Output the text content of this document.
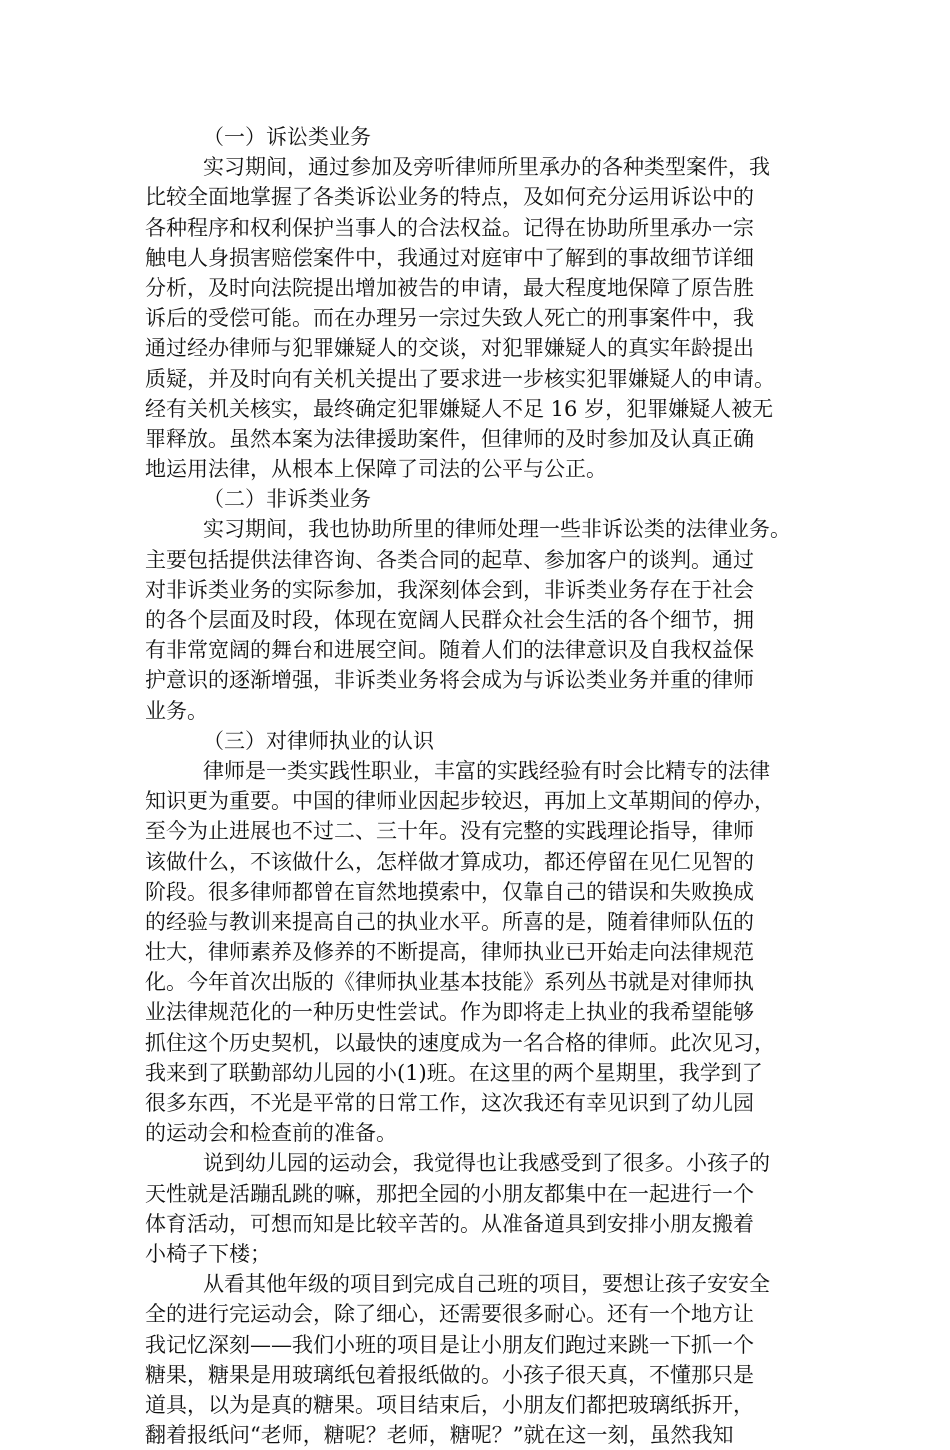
（一）诉讼类业务
实习期间，通过参加及旁听律师所里承办的各种类型案件，我
比较全面地掌握了各类诉讼业务的特点，及如何充分运用诉讼中的
各种程序和权利保护当事人的合法权益。记得在协助所里承办一宗
触电人身损害赔偿案件中，我通过对庭审中了解到的事故细节详细
分析，及时向法院提出增加被告的申请，最大程度地保障了原告胜
诉后的受偿可能。而在办理另一宗过失致人死亡的刑事案件中，我
通过经办律师与犯罪嫌疑人的交谈，对犯罪嫌疑人的真实年龄提出
质疑，并及时向有关机关提出了要求进一步核实犯罪嫌疑人的申请。
经有关机关核实，最终确定犯罪嫌疑人不足 16 岁，犯罪嫌疑人被无
罪释放。虽然本案为法律援助案件，但律师的及时参加及认真正确
地运用法律，从根本上保障了司法的公平与公正。
（二）非诉类业务
实习期间，我也协助所里的律师处理一些非诉讼类的法律业务。
主要包括提供法律咨询、各类合同的起草、参加客户的谈判。通过
对非诉类业务的实际参加，我深刻体会到，非诉类业务存在于社会
的各个层面及时段，体现在宽阔人民群众社会生活的各个细节，拥
有非常宽阔的舞台和进展空间。随着人们的法律意识及自我权益保
护意识的逐渐增强，非诉类业务将会成为与诉讼类业务并重的律师
业务。
（三）对律师执业的认识
律师是一类实践性职业，丰富的实践经验有时会比精专的法律
知识更为重要。中国的律师业因起步较迟，再加上文革期间的停办，
至今为止进展也不过二、三十年。没有完整的实践理论指导，律师
该做什么，不该做什么，怎样做才算成功，都还停留在见仁见智的
阶段。很多律师都曾在盲然地摸索中，仅靠自己的错误和失败换成
的经验与教训来提高自己的执业水平。所喜的是，随着律师队伍的
壮大，律师素养及修养的不断提高，律师执业已开始走向法律规范
化。今年首次出版的《律师执业基本技能》系列丛书就是对律师执
业法律规范化的一种历史性尝试。作为即将走上执业的我希望能够
抓住这个历史契机，以最快的速度成为一名合格的律师。此次见习，
我来到了联勤部幼儿园的小(1)班。在这里的两个星期里，我学到了
很多东西，不光是平常的日常工作，这次我还有幸见识到了幼儿园
的运动会和检查前的准备。
说到幼儿园的运动会，我觉得也让我感受到了很多。小孩子的
天性就是活蹦乱跳的嘛，那把全园的小朋友都集中在一起进行一个
体育活动，可想而知是比较辛苦的。从准备道具到安排小朋友搬着
小椅子下楼；
从看其他年级的项目到完成自己班的项目，要想让孩子安安全
全的进行完运动会，除了细心，还需要很多耐心。还有一个地方让
我记忆深刻——我们小班的项目是让小朋友们跑过来跳一下抓一个
糖果，糖果是用玻璃纸包着报纸做的。小孩子很天真，不懂那只是
道具，以为是真的糖果。项目结束后，小朋友们都把玻璃纸拆开，
翻着报纸问“老师，糖呢？老师，糖呢？”就在这一刻，虽然我知
